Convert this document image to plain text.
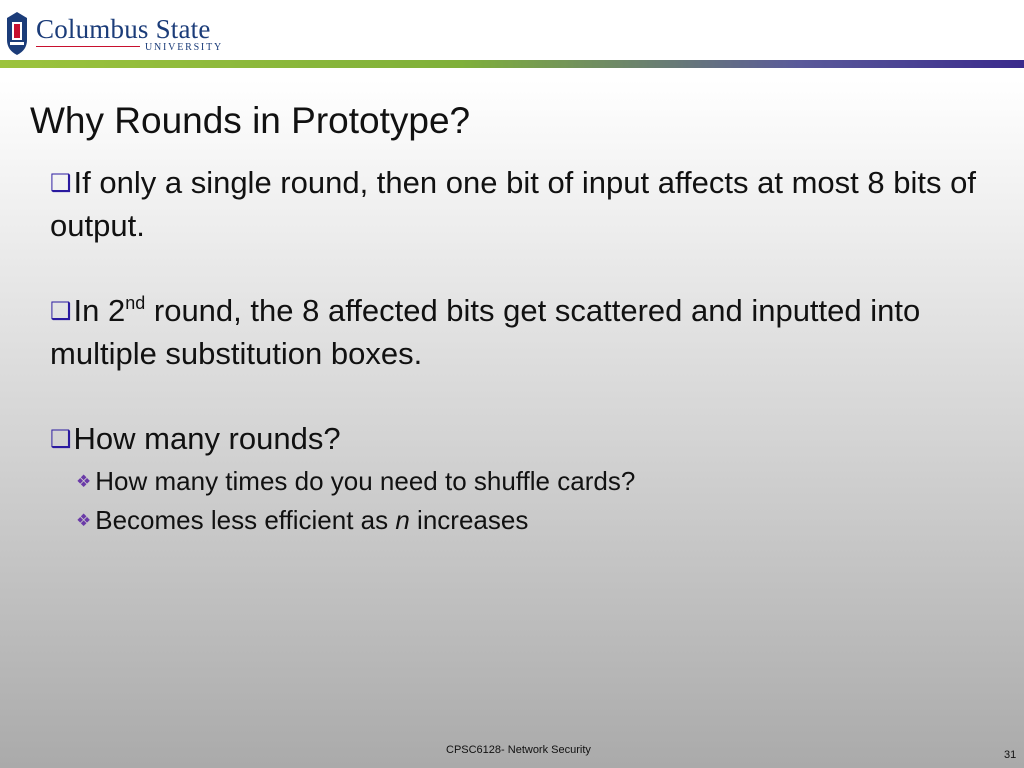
Columbus State
UNIVERSITY
Why Rounds in Prototype?
❑If only a single round, then one bit of input affects at most 8 bits of output.
❑In 2nd round, the 8 affected bits get scattered and inputted into multiple substitution boxes.
❑How many rounds?
❖ How many times do you need to shuffle cards?
❖ Becomes less efficient as n increases
CPSC6128- Network Security	31
